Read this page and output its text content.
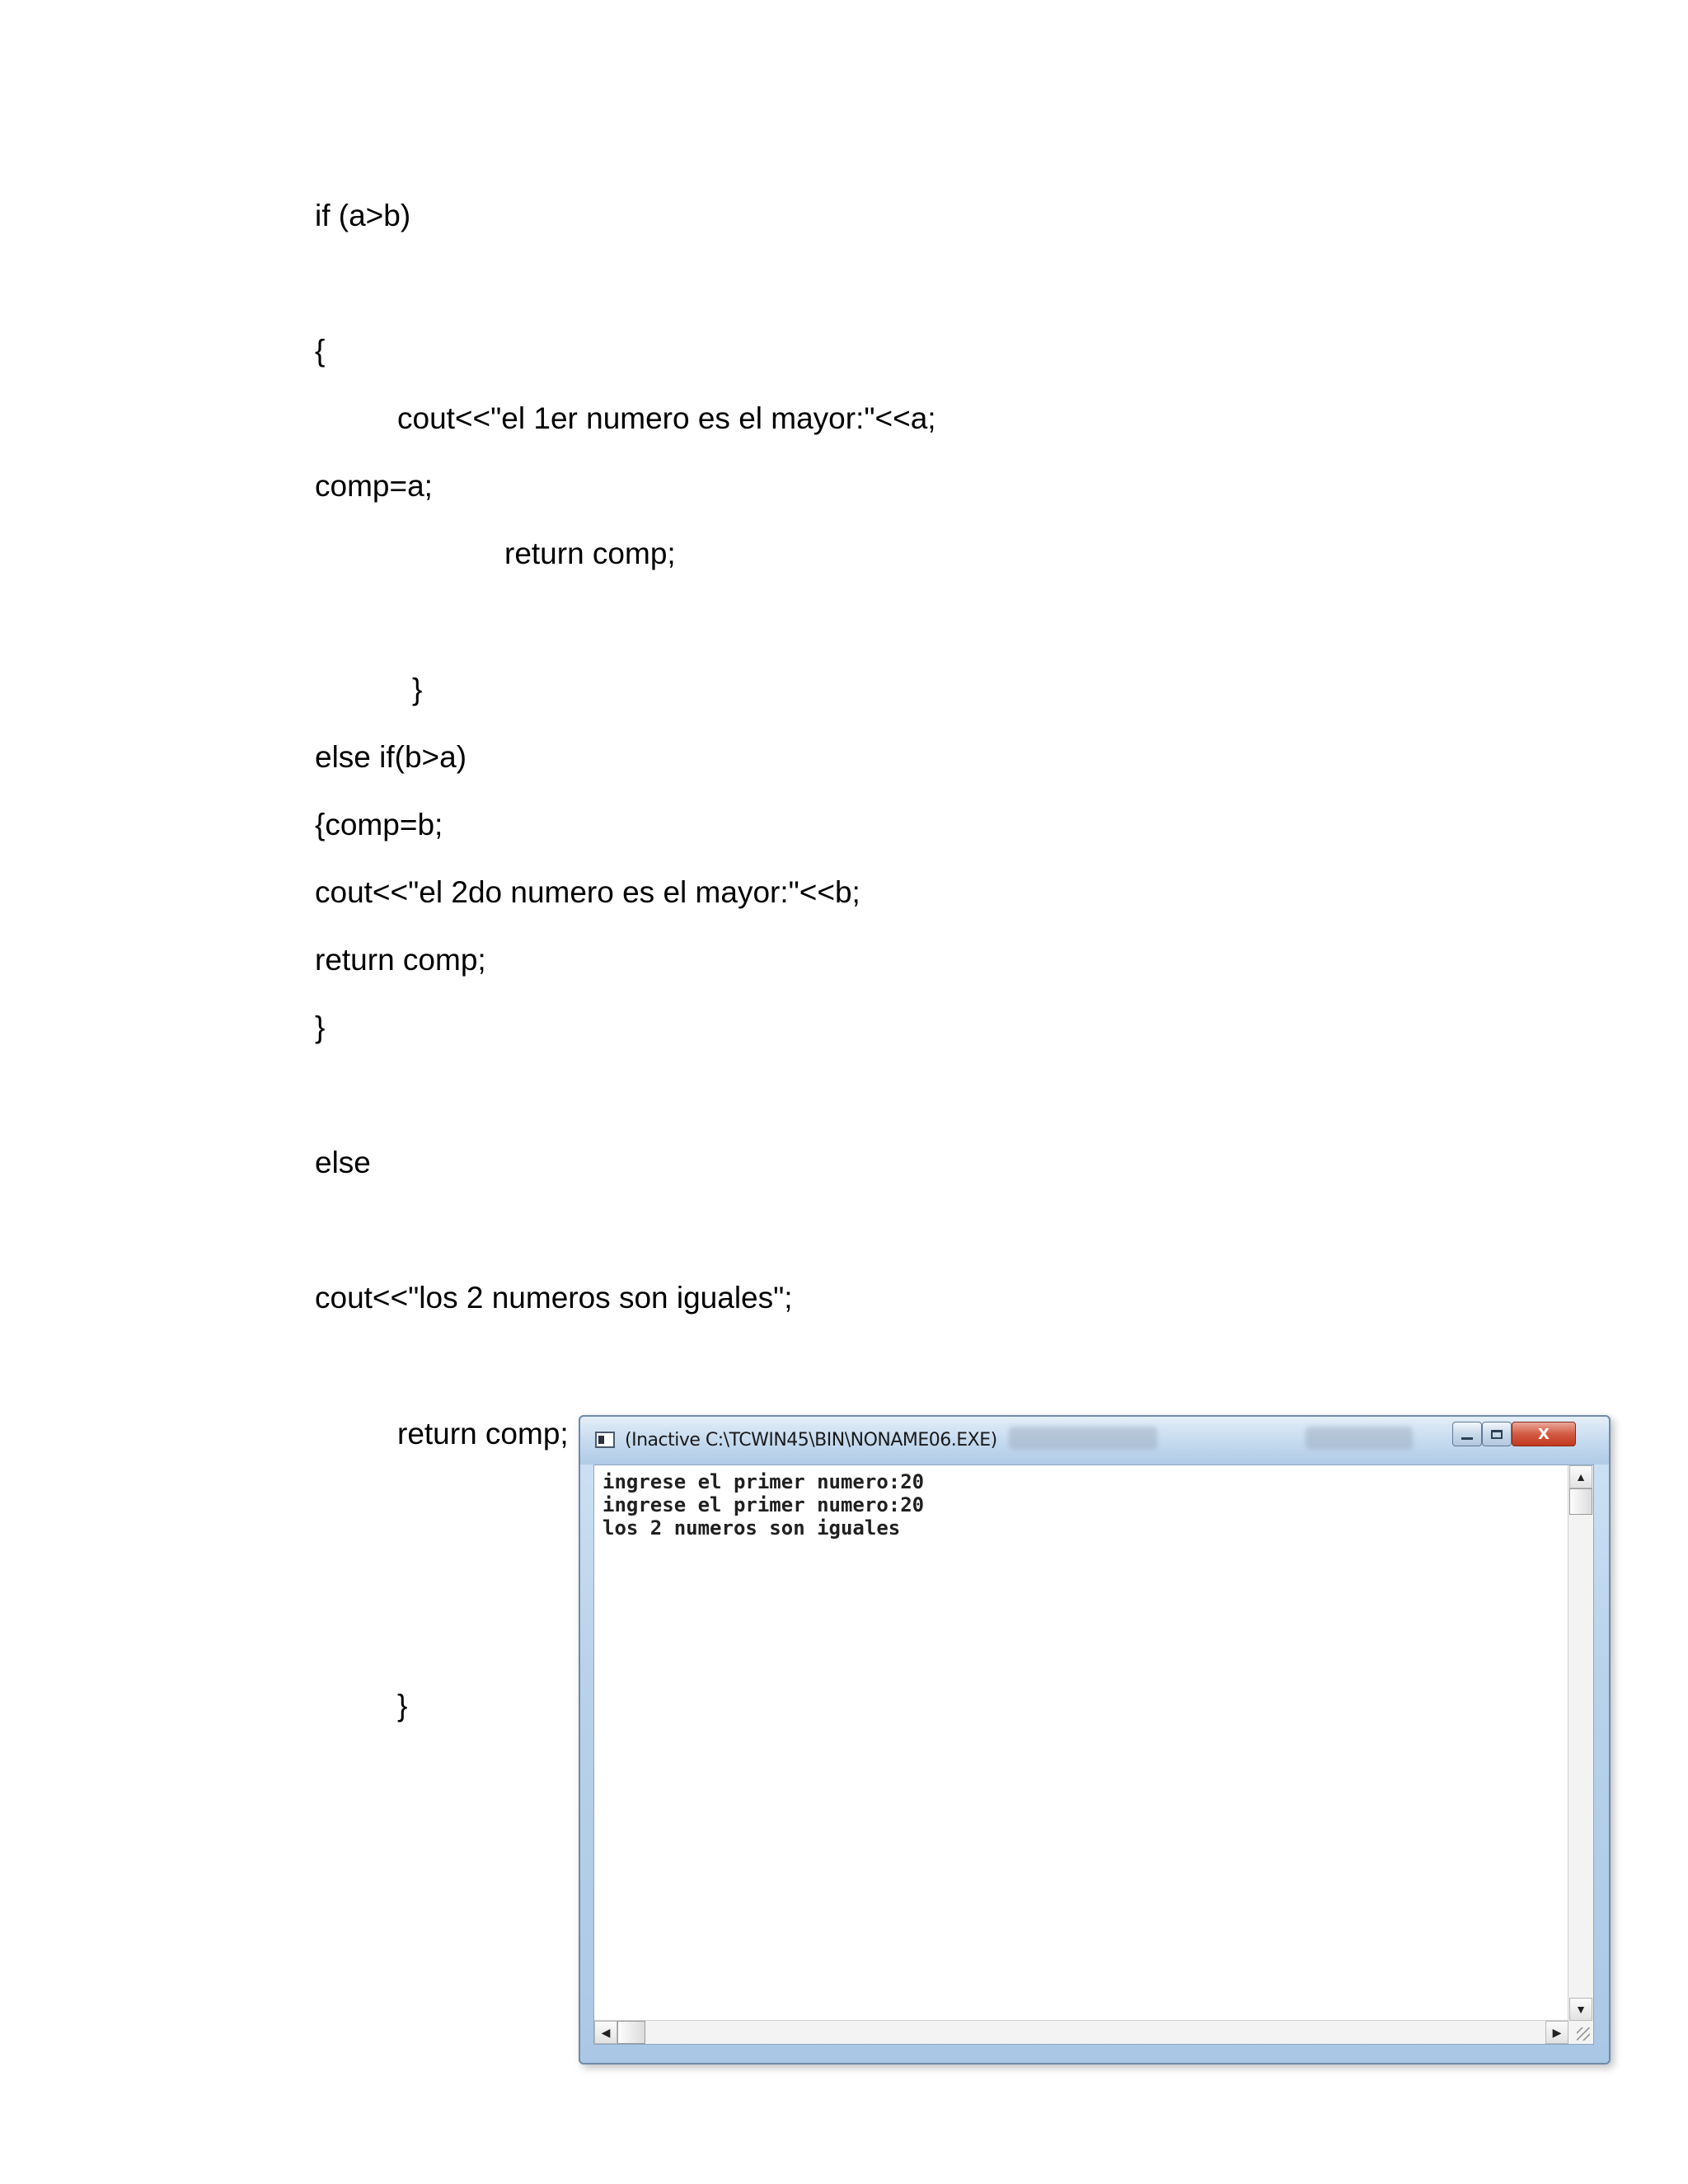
if (a>b)
{
cout<<"el 1er numero es el mayor:"<<a;
comp=a;
return comp;
}
else if(b>a)
{comp=b;
cout<<"el 2do numero es el mayor:"<<b;
return comp;
}
else
cout<<"los 2 numeros son iguales";
return comp;
}
(Inactive C:\TCWIN45\BIN\NONAME06.EXE)	X
ingrese el primer numero:20
ingrese el primer numero:20
los 2 numeros son iguales
▲
▼
◀	▶
